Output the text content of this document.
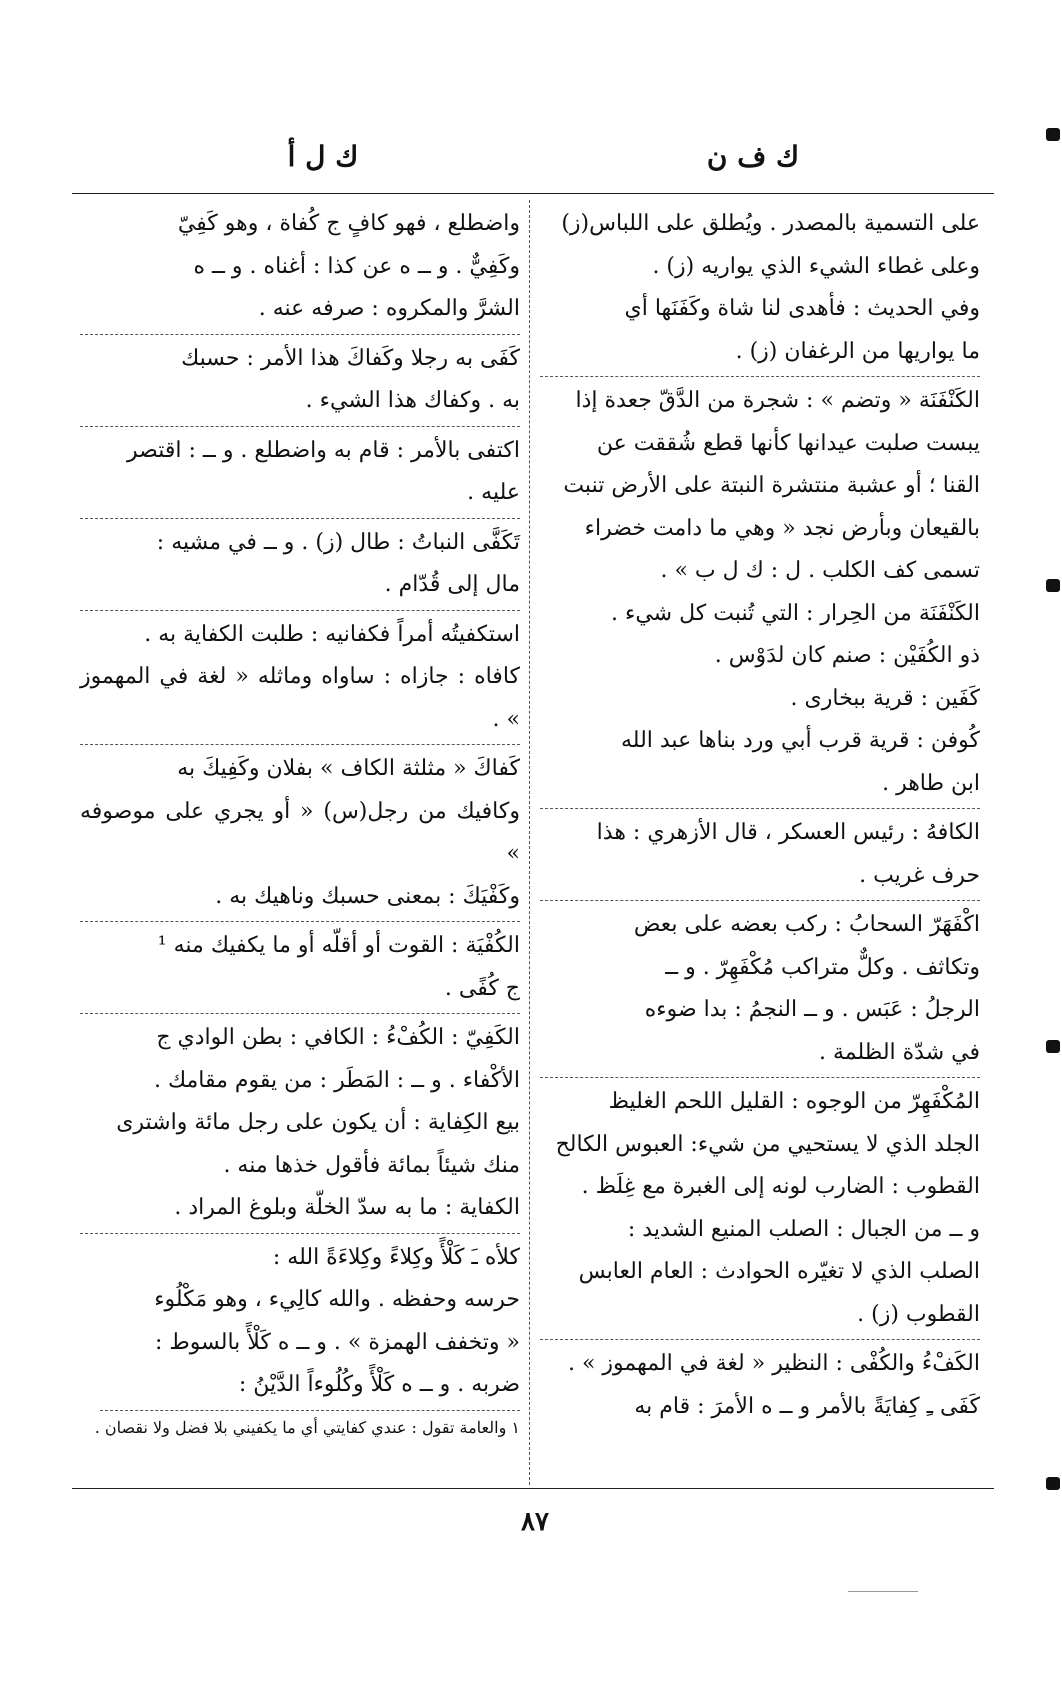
ك ف ن
ك ل أ

على التسمية بالمصدر . ويُطلق على اللباس(ز)

وعلى غطاء الشيء الذي يواريه (ز) .

وفي الحديث : فأهدى لنا شاة وكَفَنَها أي

ما يواريها من الرغفان (ز) .

الكَنْفَنَة « وتضم » : شجرة من الدَّقّ جعدة إذا

يبست صلبت عيدانها كأنها قطع شُققت عن

القنا ؛ أو عشبة منتشرة النبتة على الأرض تنبت

بالقيعان وبأرض نجد « وهي ما دامت خضراء

تسمى كف الكلب . ل : ك ل ب » .

الكَنْفَنَة من الحِرار : التي تُنبت كل شيء .

ذو الكُفَيْن : صنم كان لدَوْس .

كَفَين : قرية ببخارى .

كُوفن : قرية قرب أبي ورد بناها عبد الله

ابن طاهر .

الكافهُ : رئيس العسكر ، قال الأزهري : هذا

حرف غريب .

اكْفَهَرّ السحابُ : ركب بعضه على بعض

وتكاثف . وكلٌّ متراكب مُكْفَهِرّ . و ــ

الرجلُ : عَبَس . و ــ النجمُ : بدا ضوءه

في شدّة الظلمة .

المُكْفَهِرّ من الوجوه : القليل اللحم الغليظ

الجلد الذي لا يستحيي من شيء: العبوس الكالح

القطوب : الضارب لونه إلى الغبرة مع غِلَظ .

و ــ من الجبال : الصلب المنيع الشديد :

الصلب الذي لا تغيّره الحوادث : العام العابس

القطوب (ز) .

الكَفْءُ والكُفْى : النظير « لغة في المهموز » .

كَفَى ـِ كِفايَةً بالأمر و ــ ه الأمرَ : قام به

واضطلع ، فهو كافٍ ج كُفاة ، وهو كَفِيّ

وكَفِيٌّ . و ــ ه عن كذا : أغناه . و ــ ه

الشرَّ والمكروه : صرفه عنه .

كَفَى به رجلا وكَفاكَ هذا الأمر : حسبك

به . وكفاك هذا الشيء .

اكتفى بالأمر : قام به واضطلع . و ــ : اقتصر

عليه .

تَكَفَّى النباتُ : طال (ز) . و ــ في مشيه :

مال إلى قُدّام .

استكفيتُه أمراً فكفانيه : طلبت الكفاية به .

كافاه : جازاه : ساواه وماثله « لغة في المهموز » .

كَفاكَ « مثلثة الكاف » بفلان وكَفِيكَ به

وكافيك من رجل(س) « أو يجري على موصوفه »

وكَفْيَكَ : بمعنى حسبك وناهيك به .

الكُفْيَة : القوت أو أقلّه أو ما يكفيك منه ¹

ج كُفًى .

الكَفِيّ : الكُفْءُ : الكافي : بطن الوادي ج

الأكْفاء . و ــ : المَطَر : من يقوم مقامك .

بيع الكِفاية : أن يكون على رجل مائة واشترى

منك شيئاً بمائة فأقول خذها منه .

الكفاية : ما به سدّ الخلّة وبلوغ المراد .

كلأه ـَ كَلْأً وكِلاءً وكِلاءَةً الله :

حرسه وحفظه . والله كالِيء ، وهو مَكْلُوء

« وتخفف الهمزة » . و ــ ه كَلْأً بالسوط :

ضربه . و ــ ه كَلْأً وكُلُوءاً الدَّيْنُ :

١ والعامة تقول : عندي كفايتي أي ما يكفيني بلا فضل ولا نقصان .

٨٧
